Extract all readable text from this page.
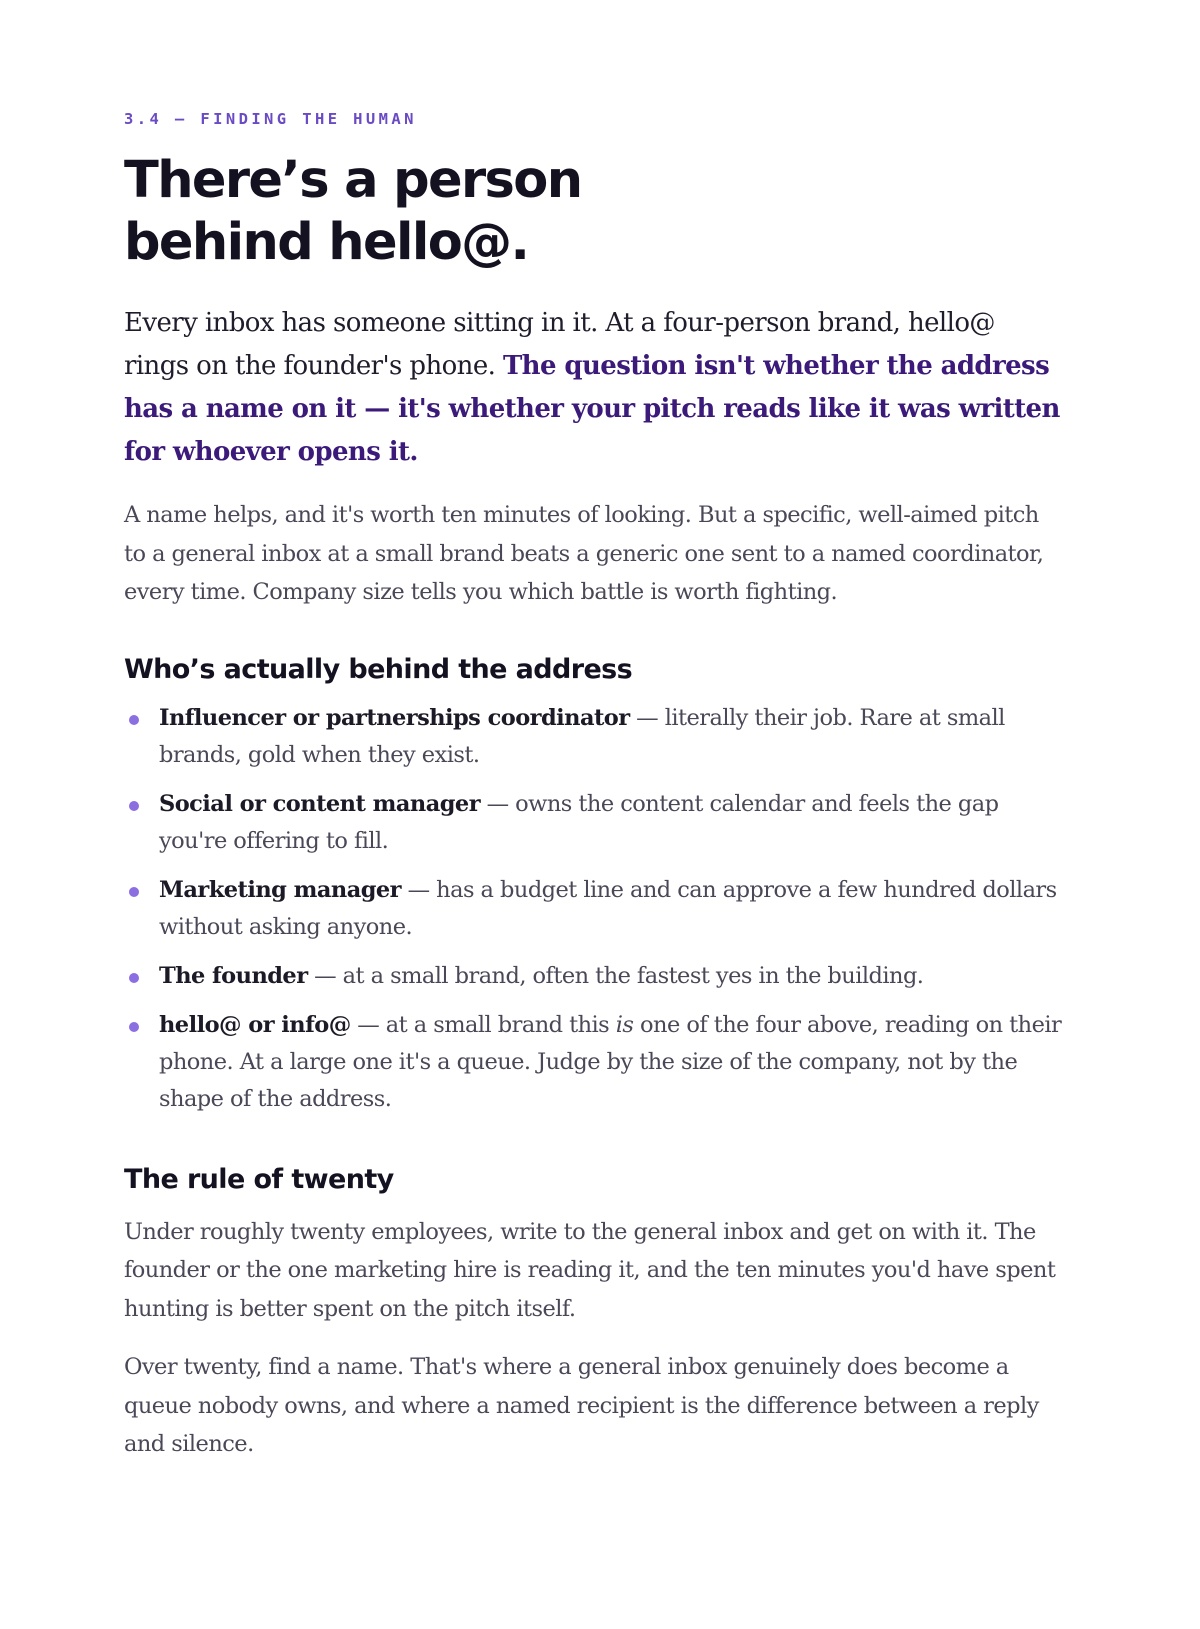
3.4 — FINDING THE HUMAN

There’s a person
behind hello@.

Every inbox has someone sitting in it. At a four-person brand, hello@ rings on the founder's phone. The question isn't whether the address has a name on it — it's whether your pitch reads like it was written for whoever opens it.

A name helps, and it's worth ten minutes of looking. But a specific, well-aimed pitch to a general inbox at a small brand beats a generic one sent to a named coordinator, every time. Company size tells you which battle is worth fighting.

Who’s actually behind the address
Influencer or partnerships coordinator — literally their job. Rare at small brands, gold when they exist.
Social or content manager — owns the content calendar and feels the gap you're offering to fill.
Marketing manager — has a budget line and can approve a few hundred dollars without asking anyone.
The founder — at a small brand, often the fastest yes in the building.
hello@ or info@ — at a small brand this is one of the four above, reading on their phone. At a large one it's a queue. Judge by the size of the company, not by the shape of the address.
The rule of twenty

Under roughly twenty employees, write to the general inbox and get on with it. The founder or the one marketing hire is reading it, and the ten minutes you'd have spent hunting is better spent on the pitch itself.

Over twenty, find a name. That's where a general inbox genuinely does become a queue nobody owns, and where a named recipient is the difference between a reply and silence.
